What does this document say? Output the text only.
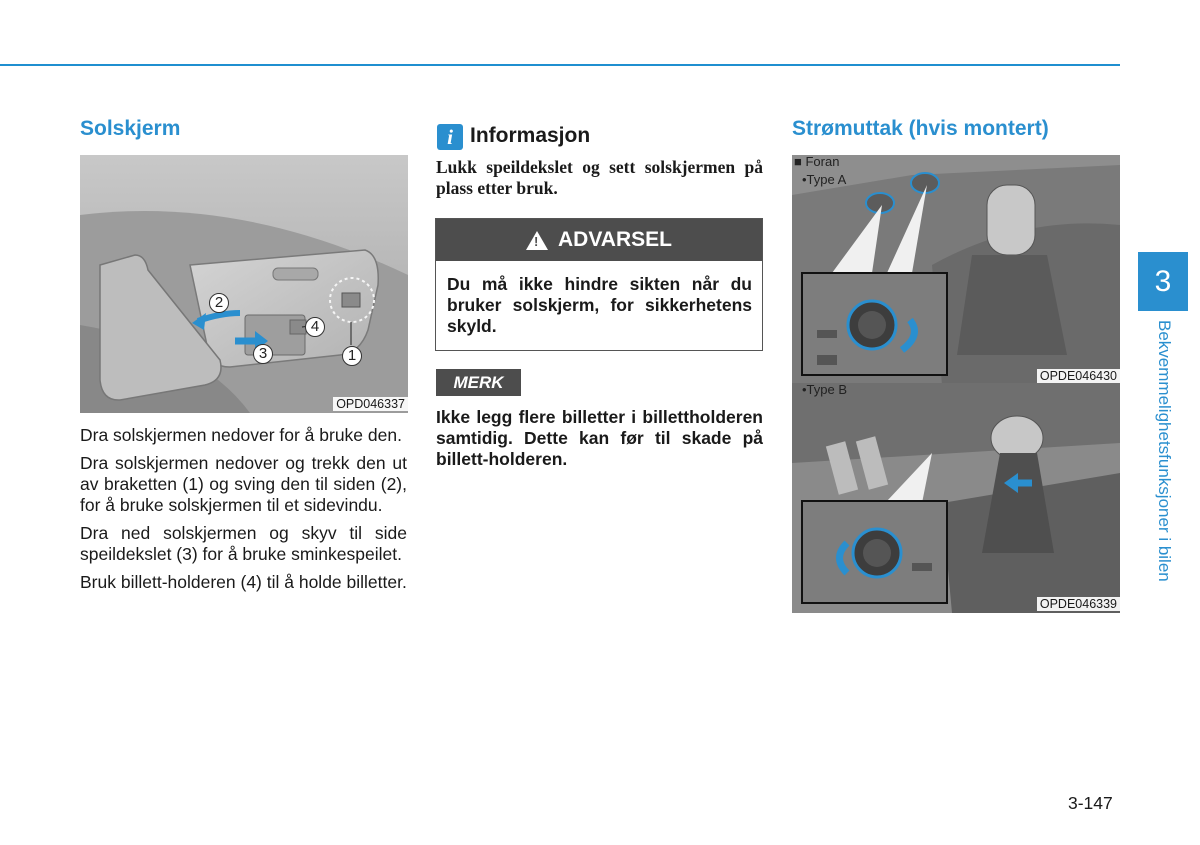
Solskjerm
2
4
3	1
OPD046337

Dra solskjermen nedover for å bruke den.

Dra solskjermen nedover og trekk den ut av braketten (1) og sving den til siden (2), for å bruke solskjermen til et sidevindu.

Dra ned solskjermen og skyv til side speildekslet (3) for å bruke sminkespeilet.

Bruk billett-holderen (4) til å holde billetter.

i Informasjon

Lukk speildekslet og sett solskjermen på plass etter bruk.

! ADVARSEL

Du må ikke hindre sikten når du bruker solskjerm, for sikkerhetens skyld.

MERK

Ikke legg flere billetter i billettholderen samtidig. Dette kan før til skade på billett-holderen.

Strømuttak (hvis montert)
■ Foran
•Type A
OPDE046430
•Type B
OPDE046339
3
Bekvemmelighetsfunksjoner i bilen
3-147
